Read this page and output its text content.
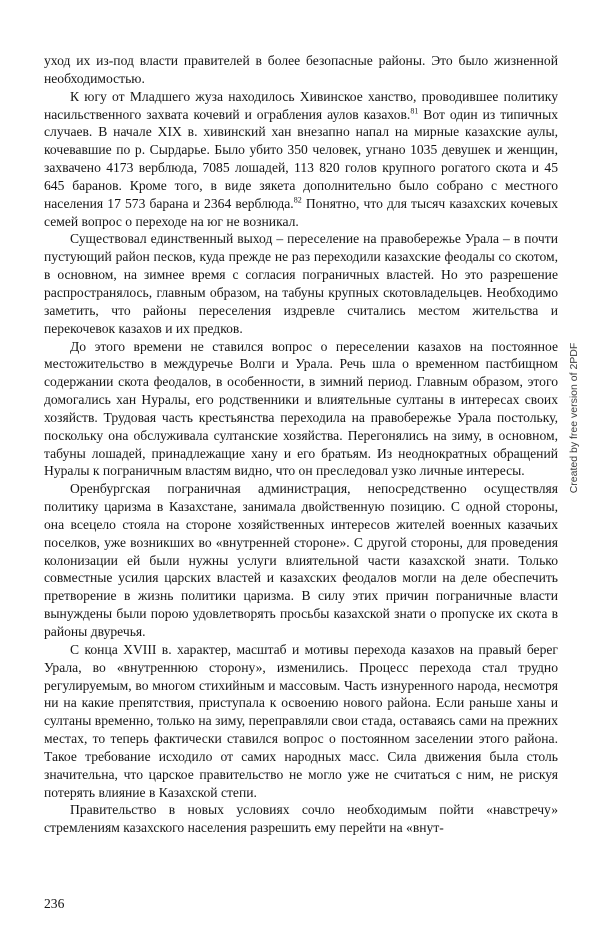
уход их из-под власти правителей в более безопасные районы. Это было жизненной необходимостью.

К югу от Младшего жуза находилось Хивинское ханство, проводившее политику насильственного захвата кочевий и ограбления аулов казахов.$^{81}$ Вот один из типичных случаев. В начале XIX в. хивинский хан внезапно напал на мирные казахские аулы, кочевавшие по р. Сырдарье. Было убито 350 человек, угнано 1035 девушек и женщин, захвачено 4173 верблюда, 7085 лошадей, 113 820 голов крупного рогатого скота и 45 645 баранов. Кроме того, в виде зякета дополнительно было собрано с местного населения 17 573 барана и 2364 верблюда.$^{82}$ Понятно, что для тысяч казахских кочевых семей вопрос о переходе на юг не возникал.

Существовал единственный выход – переселение на правобережье Урала – в почти пустующий район песков, куда прежде не раз переходили казахские феодалы со скотом, в основном, на зимнее время с согласия пограничных властей. Но это разрешение распространялось, главным образом, на табуны крупных скотовладельцев. Необходимо заметить, что районы переселения издревле считались местом жительства и перекочевок казахов и их предков.

До этого времени не ставился вопрос о переселении казахов на постоянное местожительство в междуречье Волги и Урала. Речь шла о временном пастбищном содержании скота феодалов, в особенности, в зимний период. Главным образом, этого домогались хан Нуралы, его родственники и влиятельные султаны в интересах своих хозяйств. Трудовая часть крестьянства переходила на правобережье Урала постольку, поскольку она обслуживала султанские хозяйства. Перегонялись на зиму, в основном, табуны лошадей, принадлежащие хану и его братьям. Из неоднократных обращений Нуралы к пограничным властям видно, что он преследовал узко личные интересы.

Оренбургская пограничная администрация, непосредственно осуществляя политику царизма в Казахстане, занимала двойственную позицию. С одной стороны, она всецело стояла на стороне хозяйственных интересов жителей военных казачьих поселков, уже возникших во «внутренней стороне». С другой стороны, для проведения колонизации ей были нужны услуги влиятельной части казахской знати. Только совместные усилия царских властей и казахских феодалов могли на деле обеспечить претворение в жизнь политики царизма. В силу этих причин пограничные власти вынуждены были порою удовлетворять просьбы казахской знати о пропуске их скота в районы двуречья.

С конца XVIII в. характер, масштаб и мотивы перехода казахов на правый берег Урала, во «внутреннюю сторону», изменились. Процесс перехода стал трудно регулируемым, во многом стихийным и массовым. Часть изнуренного народа, несмотря ни на какие препятствия, приступала к освоению нового района. Если раньше ханы и султаны временно, только на зиму, переправляли свои стада, оставаясь сами на прежних местах, то теперь фактически ставился вопрос о постоянном заселении этого района. Такое требование исходило от самих народных масс. Сила движения была столь значительна, что царское правительство не могло уже не считаться с ним, не рискуя потерять влияние в Казахской степи.

Правительство в новых условиях сочло необходимым пойти «навстречу» стремлениям казахского населения разрешить ему перейти на «внут-

Created by free version of 2PDF
236
